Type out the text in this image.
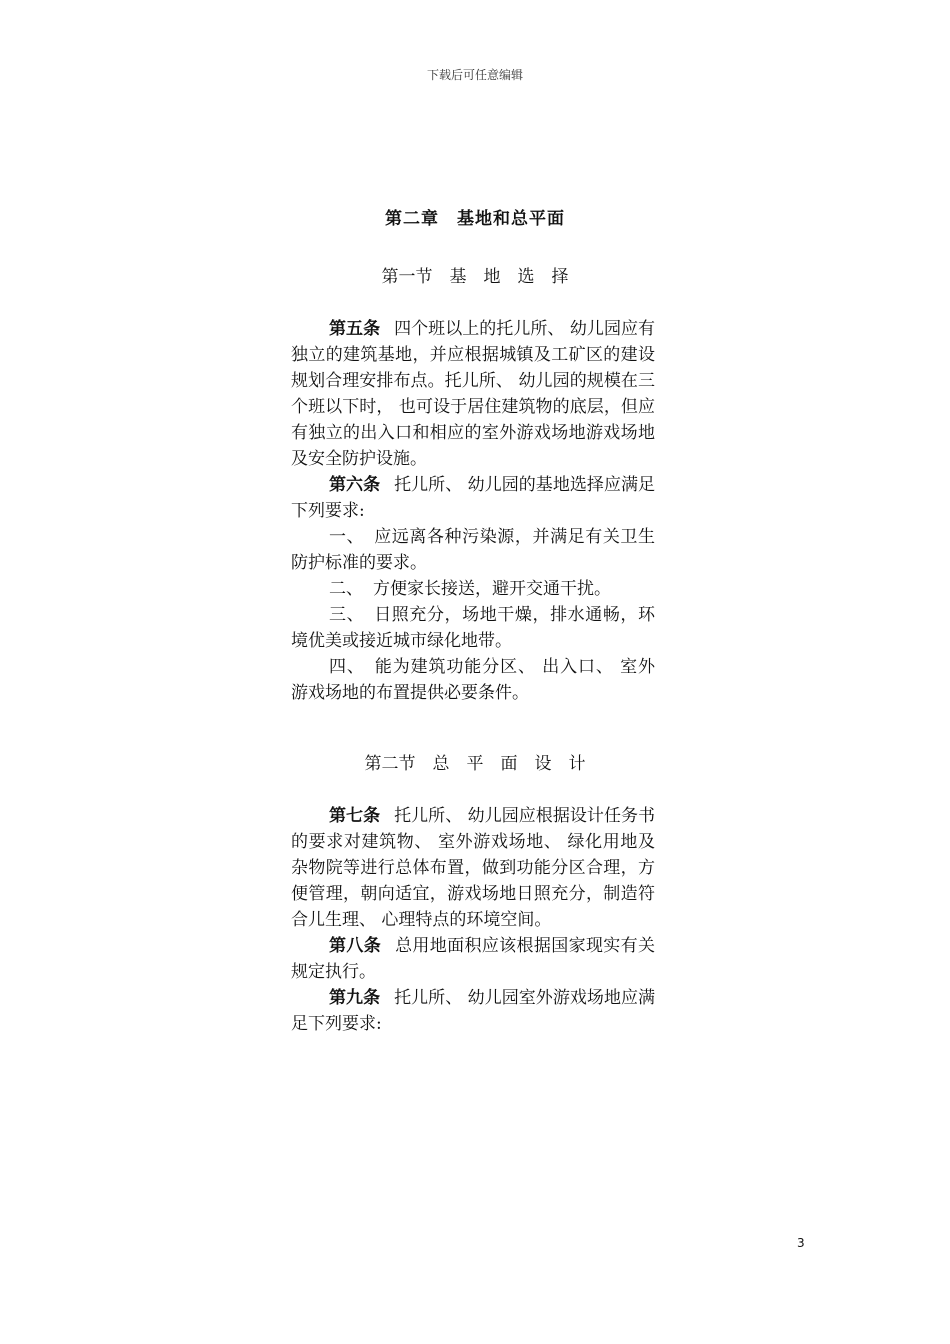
下载后可任意编辑
第二章　基地和总平面
第一节　基　地　选　择

第五条 四个班以上的托儿所、 幼儿园应有独立的建筑基地，并应根据城镇及工矿区的建设规划合理安排布点。托儿所、 幼儿园的规模在三个班以下时， 也可设于居住建筑物的底层，但应有独立的出入口和相应的室外游戏场地游戏场地及安全防护设施。

第六条 托儿所、 幼儿园的基地选择应满足下列要求:

一、 应远离各种污染源，并满足有关卫生防护标准的要求。

二、 方便家长接送，避开交通干扰。

三、 日照充分，场地干燥，排水通畅，环境优美或接近城市绿化地带。

四、 能为建筑功能分区、 出入口、 室外游戏场地的布置提供必要条件。

第二节　总　平　面　设　计

第七条 托儿所、 幼儿园应根据设计任务书的要求对建筑物、 室外游戏场地、 绿化用地及杂物院等进行总体布置，做到功能分区合理，方便管理，朝向适宜，游戏场地日照充分，制造符合儿生理、 心理特点的环境空间。

第八条 总用地面积应该根据国家现实有关规定执行。

第九条 托儿所、 幼儿园室外游戏场地应满足下列要求:

3
